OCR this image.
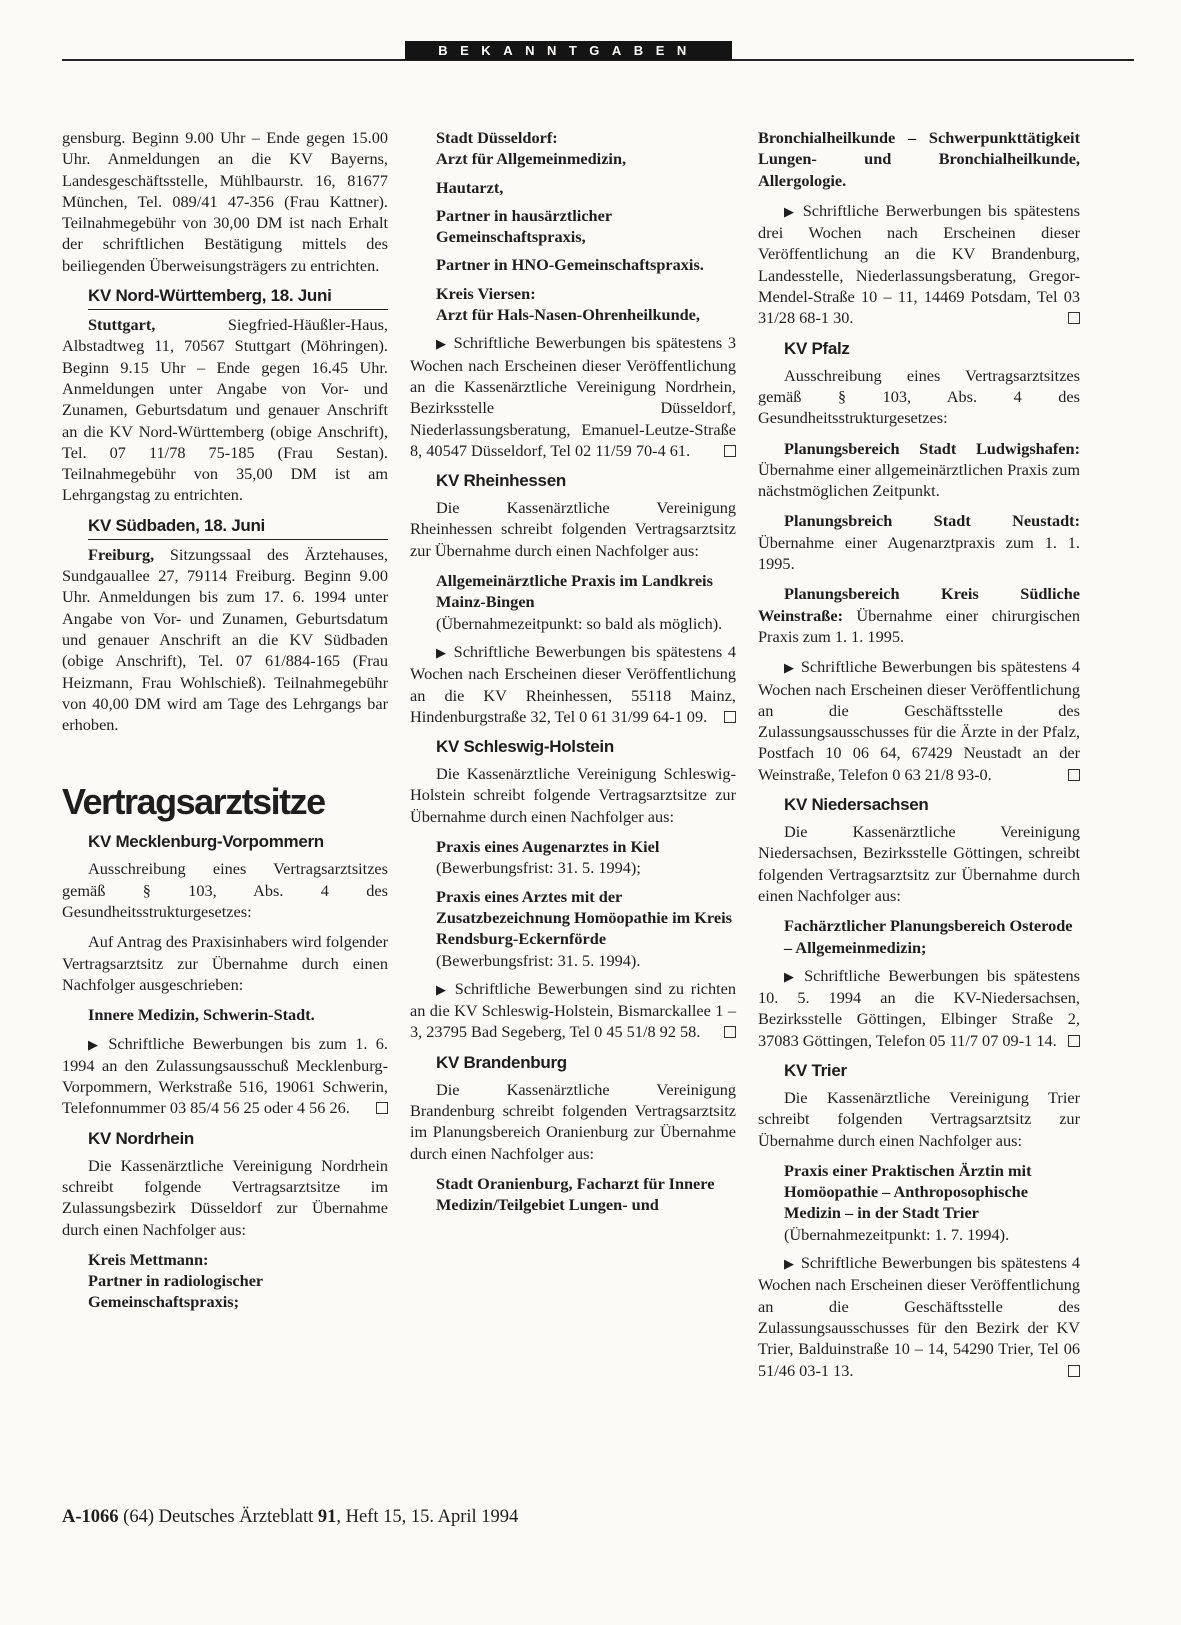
BEKANNTGABEN

gensburg. Beginn 9.00 Uhr – Ende gegen 15.00 Uhr. Anmeldungen an die KV Bayerns, Landesgeschäftsstelle, Mühlbaurstr. 16, 81677 München, Tel. 089/41 47-356 (Frau Kattner). Teilnahmegebühr von 30,00 DM ist nach Erhalt der schriftlichen Bestätigung mittels des beiliegenden Überweisungsträgers zu entrichten.

KV Nord-Württemberg, 18. Juni

Stuttgart, Siegfried-Häußler-Haus, Albstadtweg 11, 70567 Stuttgart (Möhringen). Beginn 9.15 Uhr – Ende gegen 16.45 Uhr. Anmeldungen unter Angabe von Vor- und Zunamen, Geburtsdatum und genauer Anschrift an die KV Nord-Württemberg (obige Anschrift), Tel. 07 11/78 75-185 (Frau Sestan). Teilnahmegebühr von 35,00 DM ist am Lehrgangstag zu entrichten.

KV Südbaden, 18. Juni

Freiburg, Sitzungssaal des Ärztehauses, Sundgauallee 27, 79114 Freiburg. Beginn 9.00 Uhr. Anmeldungen bis zum 17. 6. 1994 unter Angabe von Vor- und Zunamen, Geburtsdatum und genauer Anschrift an die KV Südbaden (obige Anschrift), Tel. 07 61/884-165 (Frau Heizmann, Frau Wohlschieß). Teilnahmegebühr von 40,00 DM wird am Tage des Lehrgangs bar erhoben.

Vertragsarztsitze
KV Mecklenburg-Vorpommern

Ausschreibung eines Vertragsarztsitzes gemäß § 103, Abs. 4 des Gesundheitsstrukturgesetzes:

Auf Antrag des Praxisinhabers wird folgender Vertragsarztsitz zur Übernahme durch einen Nachfolger ausgeschrieben:

Innere Medizin, Schwerin-Stadt.

▶ Schriftliche Bewerbungen bis zum 1. 6. 1994 an den Zulassungsausschuß Mecklenburg-Vorpommern, Werkstraße 516, 19061 Schwerin, Telefonnummer 03 85/4 56 25 oder 4 56 26.

KV Nordrhein

Die Kassenärztliche Vereinigung Nordrhein schreibt folgende Vertragsarztsitze im Zulassungsbezirk Düsseldorf zur Übernahme durch einen Nachfolger aus:

Kreis Mettmann:
Partner in radiologischer Gemeinschaftspraxis;

Stadt Düsseldorf:
Arzt für Allgemeinmedizin,

Hautarzt,

Partner in hausärztlicher Gemeinschaftspraxis,

Partner in HNO-Gemeinschaftspraxis.

Kreis Viersen:
Arzt für Hals-Nasen-Ohrenheilkunde,

▶ Schriftliche Bewerbungen bis spätestens 3 Wochen nach Erscheinen dieser Veröffentlichung an die Kassenärztliche Vereinigung Nordrhein, Bezirksstelle Düsseldorf, Niederlassungsberatung, Emanuel-Leutze-Straße 8, 40547 Düsseldorf, Tel 02 11/59 70-4 61.

KV Rheinhessen

Die Kassenärztliche Vereinigung Rheinhessen schreibt folgenden Vertragsarztsitz zur Übernahme durch einen Nachfolger aus:

Allgemeinärztliche Praxis im Landkreis Mainz-Bingen
(Übernahmezeitpunkt: so bald als möglich).

▶ Schriftliche Bewerbungen bis spätestens 4 Wochen nach Erscheinen dieser Veröffentlichung an die KV Rheinhessen, 55118 Mainz, Hindenburgstraße 32, Tel 0 61 31/99 64-1 09.

KV Schleswig-Holstein

Die Kassenärztliche Vereinigung Schleswig-Holstein schreibt folgende Vertragsarztsitze zur Übernahme durch einen Nachfolger aus:

Praxis eines Augenarztes in Kiel
(Bewerbungsfrist: 31. 5. 1994);

Praxis eines Arztes mit der Zusatzbezeichnung Homöopathie im Kreis Rendsburg-Eckernförde
(Bewerbungsfrist: 31. 5. 1994).

▶ Schriftliche Bewerbungen sind zu richten an die KV Schleswig-Holstein, Bismarckallee 1 – 3, 23795 Bad Segeberg, Tel 0 45 51/8 92 58.

KV Brandenburg

Die Kassenärztliche Vereinigung Brandenburg schreibt folgenden Vertragsarztsitz im Planungsbereich Oranienburg zur Übernahme durch einen Nachfolger aus:

Stadt Oranienburg, Facharzt für Innere Medizin/Teilgebiet Lungen- und

Bronchialheilkunde – Schwerpunkttätigkeit Lungen- und Bronchialheilkunde, Allergologie.

▶ Schriftliche Berwerbungen bis spätestens drei Wochen nach Erscheinen dieser Veröffentlichung an die KV Brandenburg, Landesstelle, Niederlassungsberatung, Gregor-Mendel-Straße 10 – 11, 14469 Potsdam, Tel 03 31/28 68-1 30.

KV Pfalz

Ausschreibung eines Vertragsarztsitzes gemäß § 103, Abs. 4 des Gesundheitsstrukturgesetzes:

Planungsbereich Stadt Ludwigshafen: Übernahme einer allgemeinärztlichen Praxis zum nächstmöglichen Zeitpunkt.

Planungsbreich Stadt Neustadt: Übernahme einer Augenarztpraxis zum 1. 1. 1995.

Planungsbereich Kreis Südliche Weinstraße: Übernahme einer chirurgischen Praxis zum 1. 1. 1995.

▶ Schriftliche Bewerbungen bis spätestens 4 Wochen nach Erscheinen dieser Veröffentlichung an die Geschäftsstelle des Zulassungsausschusses für die Ärzte in der Pfalz, Postfach 10 06 64, 67429 Neustadt an der Weinstraße, Telefon 0 63 21/8 93-0.

KV Niedersachsen

Die Kassenärztliche Vereinigung Niedersachsen, Bezirksstelle Göttingen, schreibt folgenden Vertragsarztsitz zur Übernahme durch einen Nachfolger aus:

Fachärztlicher Planungsbereich Osterode – Allgemeinmedizin;

▶ Schriftliche Bewerbungen bis spätestens 10. 5. 1994 an die KV-Niedersachsen, Bezirksstelle Göttingen, Elbinger Straße 2, 37083 Göttingen, Telefon 05 11/7 07 09-1 14.

KV Trier

Die Kassenärztliche Vereinigung Trier schreibt folgenden Vertragsarztsitz zur Übernahme durch einen Nachfolger aus:

Praxis einer Praktischen Ärztin mit Homöopathie – Anthroposophische Medizin – in der Stadt Trier
(Übernahmezeitpunkt: 1. 7. 1994).

▶ Schriftliche Bewerbungen bis spätestens 4 Wochen nach Erscheinen dieser Veröffentlichung an die Geschäftsstelle des Zulassungsausschusses für den Bezirk der KV Trier, Balduinstraße 10 – 14, 54290 Trier, Tel 06 51/46 03-1 13.

A-1066 (64) Deutsches Ärzteblatt 91, Heft 15, 15. April 1994
